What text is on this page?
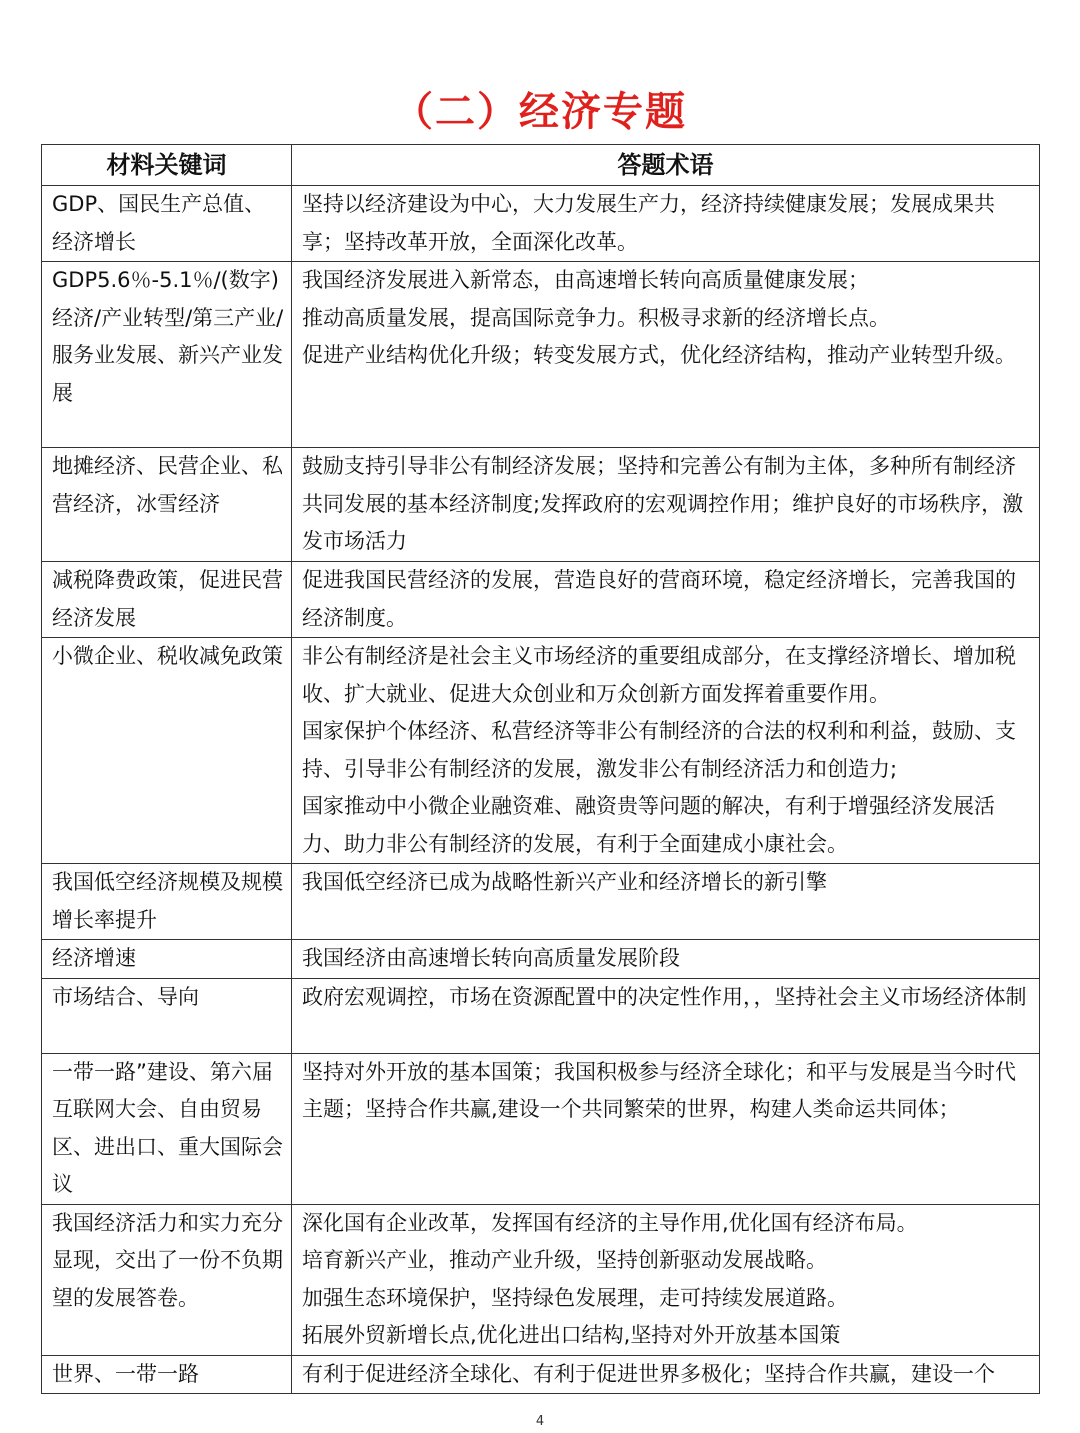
（二）经济专题
材料关键词	答题术语
GDP、国民生产总值、经济增长	坚持以经济建设为中心，大力发展生产力，经济持续健康发展；发展成果共享；坚持改革开放，全面深化改革。

GDP5.6％-5.1％/(数字)经济/产业转型/第三产业/服务业发展、新兴产业发展	我国经济发展进入新常态，由高速增长转向高质量健康发展；
推动高质量发展，提高国际竞争力。积极寻求新的经济增长点。
促进产业结构优化升级；转变发展方式，优化经济结构，推动产业转型升级。

地摊经济、民营企业、私营经济，冰雪经济	鼓励支持引导非公有制经济发展；坚持和完善公有制为主体，多种所有制经济共同发展的基本经济制度;发挥政府的宏观调控作用；维护良好的市场秩序，激发市场活力

减税降费政策，促进民营经济发展	促进我国民营经济的发展，营造良好的营商环境，稳定经济增长，完善我国的经济制度。

小微企业、税收减免政策	非公有制经济是社会主义市场经济的重要组成部分，在支撑经济增长、增加税收、扩大就业、促进大众创业和万众创新方面发挥着重要作用。
国家保护个体经济、私营经济等非公有制经济的合法的权利和利益，鼓励、支持、引导非公有制经济的发展，激发非公有制经济活力和创造力;
国家推动中小微企业融资难、融资贵等问题的解决，有利于增强经济发展活力、助力非公有制经济的发展，有利于全面建成小康社会。

我国低空经济规模及规模增长率提升	我国低空经济已成为战略性新兴产业和经济增长的新引擎

经济增速	我国经济由高速增长转向高质量发展阶段

市场结合、导向	政府宏观调控，市场在资源配置中的决定性作用，，坚持社会主义市场经济体制

一带一路”建设、第六届互联网大会、自由贸易区、进出口、重大国际会议	坚持对外开放的基本国策；我国积极参与经济全球化；和平与发展是当今时代主题；坚持合作共赢,建设一个共同繁荣的世界，构建人类命运共同体；

我国经济活力和实力充分显现，交出了一份不负期望的发展答卷。	深化国有企业改革，发挥国有经济的主导作用,优化国有经济布局。
培育新兴产业，推动产业升级，坚持创新驱动发展战略。
加强生态环境保护，坚持绿色发展理，走可持续发展道路。
拓展外贸新增长点,优化进出口结构,坚持对外开放基本国策

世界、一带一路	有利于促进经济全球化、有利于促进世界多极化；坚持合作共赢，建设一个
4
